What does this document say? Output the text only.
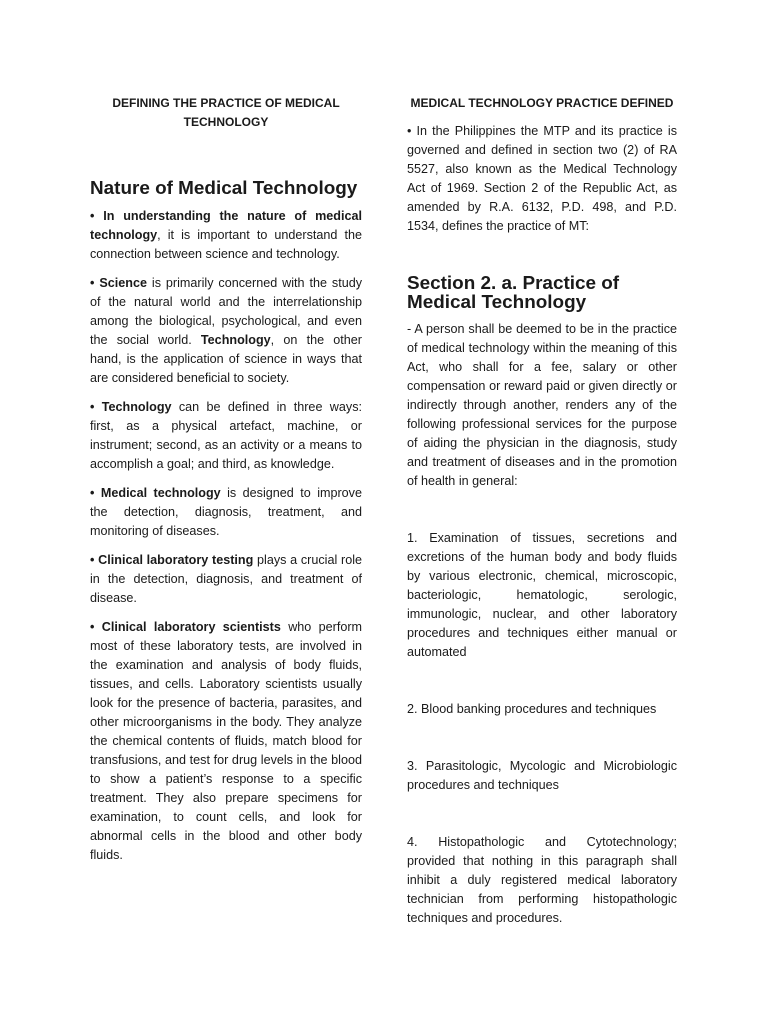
DEFINING THE PRACTICE OF MEDICAL TECHNOLOGY
Nature of Medical Technology

• In understanding the nature of medical technology, it is important to understand the connection between science and technology.

• Science is primarily concerned with the study of the natural world and the interrelationship among the biological, psychological, and even the social world. Technology, on the other hand, is the application of science in ways that are considered beneficial to society.

• Technology can be defined in three ways: first, as a physical artefact, machine, or instrument; second, as an activity or a means to accomplish a goal; and third, as knowledge.

• Medical technology is designed to improve the detection, diagnosis, treatment, and monitoring of diseases.

• Clinical laboratory testing plays a crucial role in the detection, diagnosis, and treatment of disease.

• Clinical laboratory scientists who perform most of these laboratory tests, are involved in the examination and analysis of body fluids, tissues, and cells. Laboratory scientists usually look for the presence of bacteria, parasites, and other microorganisms in the body. They analyze the chemical contents of fluids, match blood for transfusions, and test for drug levels in the blood to show a patient’s response to a specific treatment. They also prepare specimens for examination, to count cells, and look for abnormal cells in the blood and other body fluids.

MEDICAL TECHNOLOGY PRACTICE DEFINED

• In the Philippines the MTP and its practice is governed and defined in section two (2) of RA 5527, also known as the Medical Technology Act of 1969. Section 2 of the Republic Act, as amended by R.A. 6132, P.D. 498, and P.D. 1534, defines the practice of MT:

Section 2. a. Practice of Medical Technology

- A person shall be deemed to be in the practice of medical technology within the meaning of this Act, who shall for a fee, salary or other compensation or reward paid or given directly or indirectly through another, renders any of the following professional services for the purpose of aiding the physician in the diagnosis, study and treatment of diseases and in the promotion of health in general:

1. Examination of tissues, secretions and excretions of the human body and body fluids by various electronic, chemical, microscopic, bacteriologic, hematologic, serologic, immunologic, nuclear, and other laboratory procedures and techniques either manual or automated

2. Blood banking procedures and techniques

3. Parasitologic, Mycologic and Microbiologic procedures and techniques

4. Histopathologic and Cytotechnology; provided that nothing in this paragraph shall inhibit a duly registered medical laboratory technician from performing histopathologic techniques and procedures.
